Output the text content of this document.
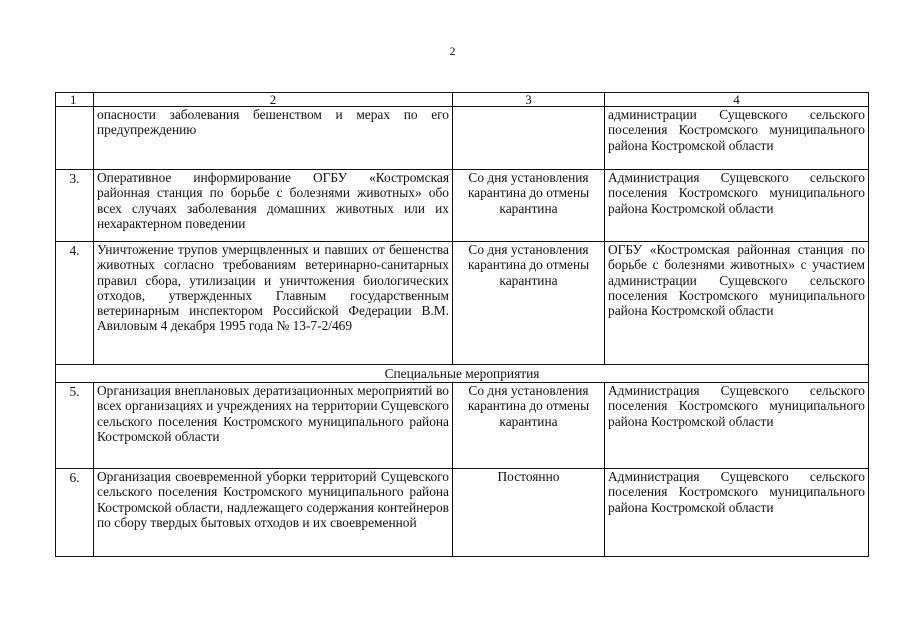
2
1	2	3	4
	опасности заболевания бешенством и мерах по его предупреждению		администрации Сущевского сельского поселения Костромского муниципального района Костромской области
3.	Оперативное информирование ОГБУ «Костромская районная станция по борьбе с болезнями животных» обо всех случаях заболевания домашних животных или их нехарактерном поведении	Со дня установления карантина до отмены карантина	Администрация Сущевского сельского поселения Костромского муниципального района Костромской области
4.	Уничтожение трупов умерщвленных и павших от бешенства животных согласно требованиям ветеринарно-санитарных правил сбора, утилизации и уничтожения биологических отходов, утвержденных Главным государственным ветеринарным инспектором Российской Федерации В.М. Авиловым 4 декабря 1995 года № 13-7-2/469	Со дня установления карантина до отмены карантина	ОГБУ «Костромская районная станция по борьбе с болезнями животных» с участием администрации Сущевского сельского поселения Костромского муниципального района Костромской области
Специальные мероприятия			
5.	Организация внеплановых дератизационных мероприятий во всех организациях и учреждениях на территории Сущевского сельского поселения Костромского муниципального района Костромской области	Со дня установления карантина до отмены карантина	Администрация Сущевского сельского поселения Костромского муниципального района Костромской области
6.	Организация своевременной уборки территорий Сущевского сельского поселения Костромского муниципального района Костромской области, надлежащего содержания контейнеров по сбору твердых бытовых отходов и их своевременной	Постоянно	Администрация Сущевского сельского поселения Костромского муниципального района Костромской области
